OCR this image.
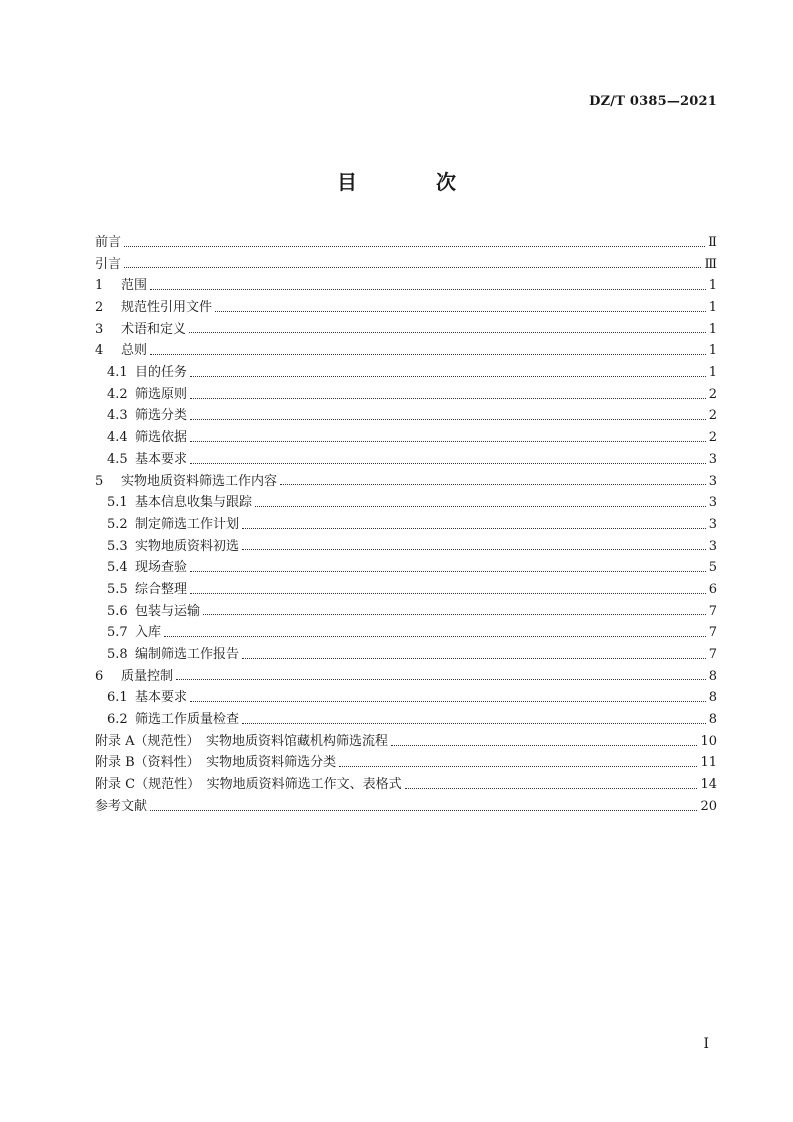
DZ/T 0385—2021
目 次
前言	Ⅱ
引言	Ⅲ
1	范围	1
2	规范性引用文件	1
3	术语和定义	1
4	总则	1
4.1 目的任务	1
4.2 筛选原则	2
4.3 筛选分类	2
4.4 筛选依据	2
4.5 基本要求	3
5	实物地质资料筛选工作内容	3
5.1 基本信息收集与跟踪	3
5.2 制定筛选工作计划	3
5.3 实物地质资料初选	3
5.4 现场查验	5
5.5 综合整理	6
5.6 包装与运输	7
5.7 入库	7
5.8 编制筛选工作报告	7
6	质量控制	8
6.1 基本要求	8
6.2 筛选工作质量检查	8
附录 A（规范性）　实物地质资料馆藏机构筛选流程	10
附录 B（资料性）　实物地质资料筛选分类	11
附录 C（规范性）　实物地质资料筛选工作文、表格式	14
参考文献	20
I
